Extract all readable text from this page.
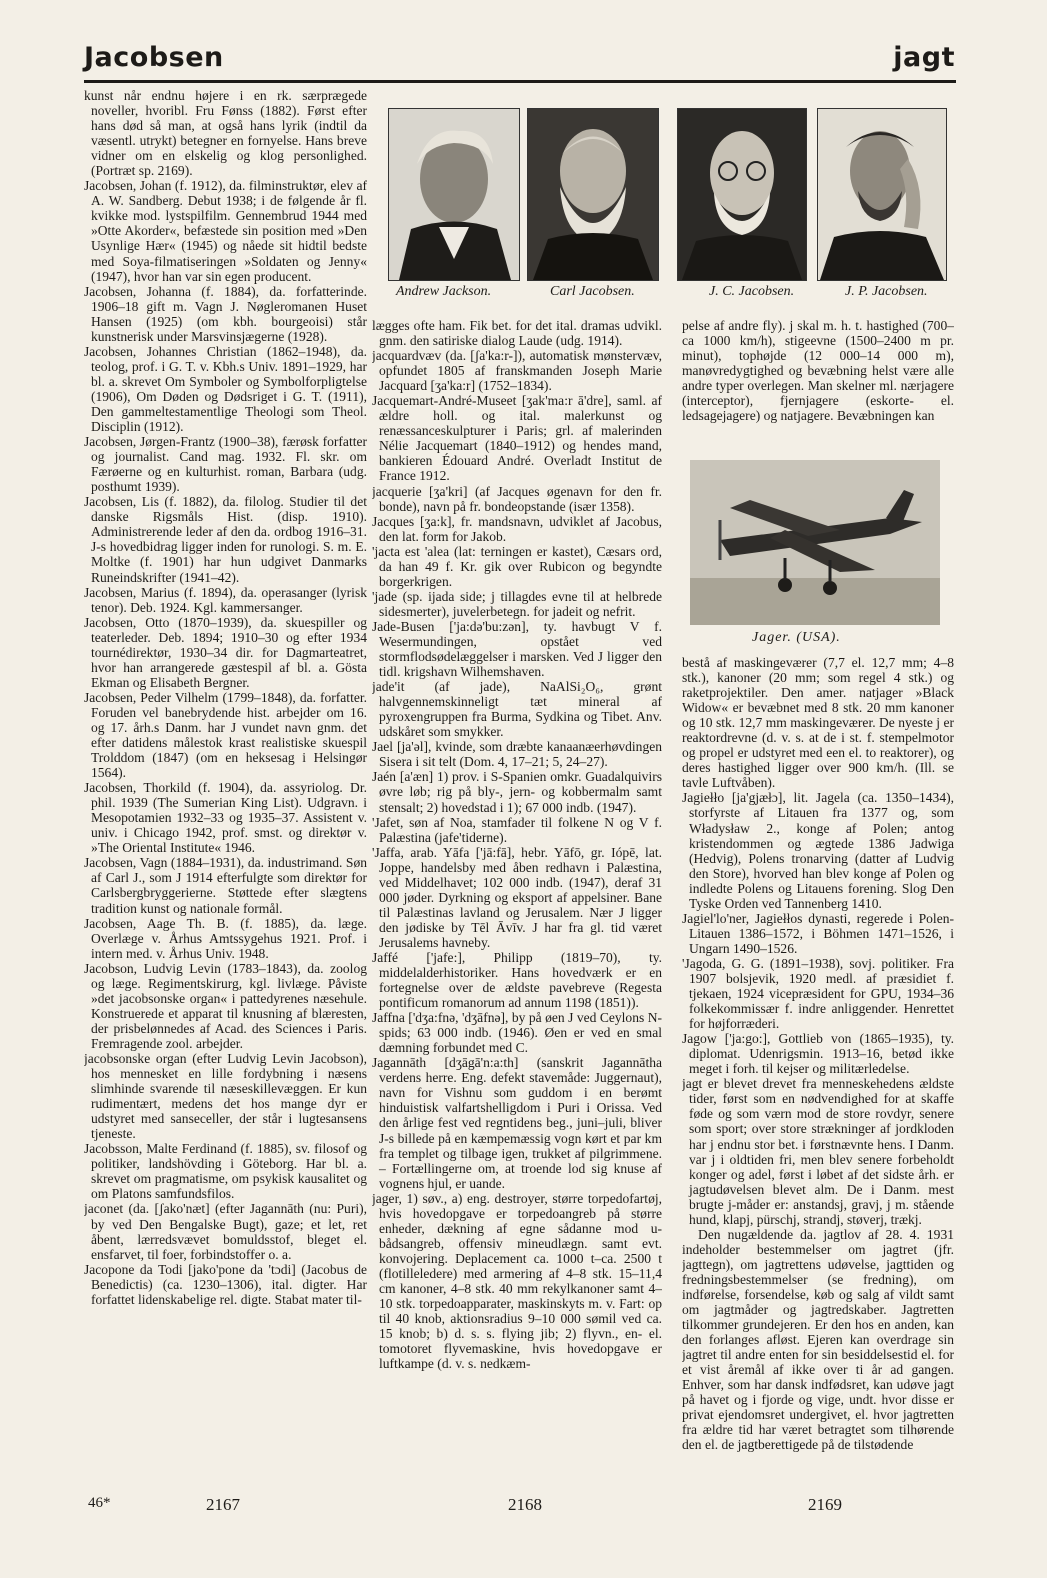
Jacobsen	jagt

kunst når endnu højere i en rk. særprægede noveller, hvoribl. Fru Fønss (1882). Først efter hans død så man, at også hans lyrik (indtil da væsentl. utrykt) betegner en fornyelse. Hans breve vidner om en elskelig og klog personlighed. (Portræt sp. 2169).

Jacobsen, Johan (f. 1912), da. filminstruktør, elev af A. W. Sandberg. Debut 1938; i de følgende år fl. kvikke mod. lystspilfilm. Gennembrud 1944 med »Otte Akorder«, befæstede sin position med »Den Usynlige Hær« (1945) og nåede sit hidtil bedste med Soya-filmatiseringen »Soldaten og Jenny« (1947), hvor han var sin egen producent.

Jacobsen, Johanna (f. 1884), da. forfatterinde. 1906–18 gift m. Vagn J. Nøgleromanen Huset Hansen (1925) (om kbh. bourgeoisi) står kunstnerisk under Marsvinsjægerne (1928).

Jacobsen, Johannes Christian (1862–1948), da. teolog, prof. i G. T. v. Kbh.s Univ. 1891–1929, har bl. a. skrevet Om Symboler og Symbolforpligtelse (1906), Om Døden og Dødsriget i G. T. (1911), Den gammeltestamentlige Theologi som Theol. Disciplin (1912).

Jacobsen, Jørgen-Frantz (1900–38), færøsk forfatter og journalist. Cand mag. 1932. Fl. skr. om Færøerne og en kulturhist. roman, Barbara (udg. posthumt 1939).

Jacobsen, Lis (f. 1882), da. filolog. Studier til det danske Rigsmåls Hist. (disp. 1910). Administrerende leder af den da. ordbog 1916–31. J-s hovedbidrag ligger inden for runologi. S. m. E. Moltke (f. 1901) har hun udgivet Danmarks Runeindskrifter (1941–42).

Jacobsen, Marius (f. 1894), da. operasanger (lyrisk tenor). Deb. 1924. Kgl. kammersanger.

Jacobsen, Otto (1870–1939), da. skuespiller og teaterleder. Deb. 1894; 1910–30 og efter 1934 tournédirektør, 1930–34 dir. for Dagmarteatret, hvor han arrangerede gæstespil af bl. a. Gösta Ekman og Elisabeth Bergner.

Jacobsen, Peder Vilhelm (1799–1848), da. forfatter. Foruden vel banebrydende hist. arbejder om 16. og 17. årh.s Danm. har J vundet navn gnm. det efter datidens målestok krast realistiske skuespil Trolddom (1847) (om en heksesag i Helsingør 1564).

Jacobsen, Thorkild (f. 1904), da. assyriolog. Dr. phil. 1939 (The Sumerian King List). Udgravn. i Mesopotamien 1932–33 og 1935–37. Assistent v. univ. i Chicago 1942, prof. smst. og direktør v. »The Oriental Institute« 1946.

Jacobsen, Vagn (1884–1931), da. industrimand. Søn af Carl J., som J 1914 efterfulgte som direktør for Carlsbergbryggerierne. Støttede efter slægtens tradition kunst og nationale formål.

Jacobsen, Aage Th. B. (f. 1885), da. læge. Overlæge v. Århus Amtssygehus 1921. Prof. i intern med. v. Århus Univ. 1948.

Jacobson, Ludvig Levin (1783–1843), da. zoolog og læge. Regimentskirurg, kgl. livlæge. Påviste »det jacobsonske organ« i pattedyrenes næsehule. Konstruerede et apparat til knusning af blæresten, der prisbelønnedes af Acad. des Sciences i Paris. Fremragende zool. arbejder.

jacobsonske organ (efter Ludvig Levin Jacobson), hos mennesket en lille fordybning i næsens slimhinde svarende til næseskillevæggen. Er kun rudimentært, medens det hos mange dyr er udstyret med sanseceller, der står i lugtesansens tjeneste.

Jacobsson, Malte Ferdinand (f. 1885), sv. filosof og politiker, landshövding i Göteborg. Har bl. a. skrevet om pragmatisme, om psykisk kausalitet og om Platons samfundsfilos.

jaconet (da. [ʃako'næt] (efter Jagannāth (nu: Puri), by ved Den Bengalske Bugt), gaze; et let, ret åbent, lærredsvævet bomuldsstof, bleget el. ensfarvet, til foer, forbindstoffer o. a.

Jacopone da Todi [jako'pone da 'tɔdi] (Jacobus de Benedictis) (ca. 1230–1306), ital. digter. Har forfattet lidenskabelige rel. digte. Stabat mater til-

Andrew Jackson.	Carl Jacobsen.	J. C. Jacobsen.	J. P. Jacobsen.

lægges ofte ham. Fik bet. for det ital. dramas udvikl. gnm. den satiriske dialog Laude (udg. 1914).

jacquardvæv (da. [ʃa'ka:r-]), automatisk mønstervæv, opfundet 1805 af franskmanden Joseph Marie Jacquard [ʒa'ka:r] (1752–1834).

Jacquemart-André-Museet [ʒak'ma:r ā'dre], saml. af ældre holl. og ital. malerkunst og renæssanceskulpturer i Paris; grl. af malerinden Nélie Jacquemart (1840–1912) og hendes mand, bankieren Édouard André. Overladt Institut de France 1912.

jacquerie [ʒa'kri] (af Jacques øgenavn for den fr. bonde), navn på fr. bondeopstande (især 1358).

Jacques [ʒa:k], fr. mandsnavn, udviklet af Jacobus, den lat. form for Jakob.

'jacta est 'alea (lat: terningen er kastet), Cæsars ord, da han 49 f. Kr. gik over Rubicon og begyndte borgerkrigen.

'jade (sp. ijada side; j tillagdes evne til at helbrede sidesmerter), juvelerbetegn. for jadeit og nefrit.

Jade-Busen ['ja:də'bu:zən], ty. havbugt V f. Wesermundingen, opstået ved stormflodsødelæggelser i marsken. Ved J ligger den tidl. krigshavn Wilhemshaven.

jade'it (af jade), NaAlSi₂O₆, grønt halvgennemskinneligt tæt mineral af pyroxengruppen fra Burma, Sydkina og Tibet. Anv. udskåret som smykker.

Jael [ja'əl], kvinde, som dræbte kanaanæerhøvdingen Sisera i sit telt (Dom. 4, 17–21; 5, 24–27).

Jaén [a'æn] 1) prov. i S-Spanien omkr. Guadalquivirs øvre løb; rig på bly-, jern- og kobbermalm samt stensalt; 2) hovedstad i 1); 67 000 indb. (1947).

'Jafet, søn af Noa, stamfader til folkene N og V f. Palæstina (jafe'tiderne).

'Jaffa, arab. Yāfa ['jā:fā], hebr. Yāfō, gr. Iópē, lat. Joppe, handelsby med åben redhavn i Palæstina, ved Middelhavet; 102 000 indb. (1947), deraf 31 000 jøder. Dyrkning og eksport af appelsiner. Bane til Palæstinas lavland og Jerusalem. Nær J ligger den jødiske by Tēl Āvīv. J har fra gl. tid været Jerusalems havneby.

Jaffé ['jafe:], Philipp (1819–70), ty. middelalderhistoriker. Hans hovedværk er en fortegnelse over de ældste pavebreve (Regesta pontificum romanorum ad annum 1198 (1851)).

Jaffna ['dʒa:fnə, 'dʒāfnə], by på øen J ved Ceylons N-spids; 63 000 indb. (1946). Øen er ved en smal dæmning forbundet med C.

Jagannāth [dʒāgā'n:a:th] (sanskrit Jagannātha verdens herre. Eng. defekt stavemåde: Juggernaut), navn for Vishnu som guddom i en berømt hinduistisk valfartshelligdom i Puri i Orissa. Ved den årlige fest ved regntidens beg., juni–juli, bliver J-s billede på en kæmpemæssig vogn kørt et par km fra templet og tilbage igen, trukket af pilgrimmene. – Fortællingerne om, at troende lod sig knuse af vognens hjul, er uande.

jager, 1) søv., a) eng. destroyer, større torpedofartøj, hvis hovedopgave er torpedoangreb på større enheder, dækning af egne sådanne mod u-bådsangreb, offensiv mineudlægn. samt evt. konvojering. Deplacement ca. 1000 t–ca. 2500 t (flotilleledere) med armering af 4–8 stk. 15–11,4 cm kanoner, 4–8 stk. 40 mm rekylkanoner samt 4–10 stk. torpedoapparater, maskinskyts m. v. Fart: op til 40 knob, aktionsradius 9–10 000 sømil ved ca. 15 knob; b) d. s. s. flying jib; 2) flyvn., en- el. tomotoret flyvemaskine, hvis hovedopgave er luftkampe (d. v. s. nedkæm-

pelse af andre fly). j skal m. h. t. hastighed (700–ca 1000 km/h), stigeevne (1500–2400 m pr. minut), tophøjde (12 000–14 000 m), manøvredygtighed og bevæbning helst være alle andre typer overlegen. Man skelner ml. nærjagere (interceptor), fjernjagere (eskorte- el. ledsagejagere) og natjagere. Bevæbningen kan

Jager. (USA).

bestå af maskingeværer (7,7 el. 12,7 mm; 4–8 stk.), kanoner (20 mm; som regel 4 stk.) og raketprojektiler. Den amer. natjager »Black Widow« er bevæbnet med 8 stk. 20 mm kanoner og 10 stk. 12,7 mm maskingeværer. De nyeste j er reaktordrevne (d. v. s. at de i st. f. stempelmotor og propel er udstyret med een el. to reaktorer), og deres hastighed ligger over 900 km/h. (Ill. se tavle Luftvåben).

Jagiełło [ja'gjæłɔ], lit. Jagela (ca. 1350–1434), storfyrste af Litauen fra 1377 og, som Władysław 2., konge af Polen; antog kristendommen og ægtede 1386 Jadwiga (Hedvig), Polens tronarving (datter af Ludvig den Store), hvorved han blev konge af Polen og indledte Polens og Litauens forening. Slog Den Tyske Orden ved Tannenberg 1410.

Jagiel'lo'ner, Jagiełłos dynasti, regerede i Polen-Litauen 1386–1572, i Böhmen 1471–1526, i Ungarn 1490–1526.

'Jagoda, G. G. (1891–1938), sovj. politiker. Fra 1907 bolsjevik, 1920 medl. af præsidiet f. tjekaen, 1924 vicepræsident for GPU, 1934–36 folkekommissær f. indre anliggender. Henrettet for højforræderi.

Jagow ['ja:go:], Gottlieb von (1865–1935), ty. diplomat. Udenrigsmin. 1913–16, betød ikke meget i forh. til kejser og militærledelse.

jagt er blevet drevet fra menneskehedens ældste tider, først som en nødvendighed for at skaffe føde og som værn mod de store rovdyr, senere som sport; over store strækninger af jordkloden har j endnu stor bet. i førstnævnte hens. I Danm. var j i oldtiden fri, men blev senere forbeholdt konger og adel, først i løbet af det sidste årh. er jagtudøvelsen blevet alm. De i Danm. mest brugte j-måder er: anstandsj, gravj, j m. stående hund, klapj, pürschj, strandj, støverj, trækj.

Den nugældende da. jagtlov af 28. 4. 1931 indeholder bestemmelser om jagtret (jfr. jagttegn), om jagtrettens udøvelse, jagttiden og fredningsbestemmelser (se fredning), om indførelse, forsendelse, køb og salg af vildt samt om jagtmåder og jagtredskaber. Jagtretten tilkommer grundejeren. Er den hos en anden, kan den forlanges afløst. Ejeren kan overdrage sin jagtret til andre enten for sin besiddelsestid el. for et vist åremål af ikke over ti år ad gangen. Enhver, som har dansk indfødsret, kan udøve jagt på havet og i fjorde og vige, undt. hvor disse er privat ejendomsret undergivet, el. hvor jagtretten fra ældre tid har været betragtet som tilhørende den el. de jagtberettigede på de tilstødende

46*	2167	2168	2169
